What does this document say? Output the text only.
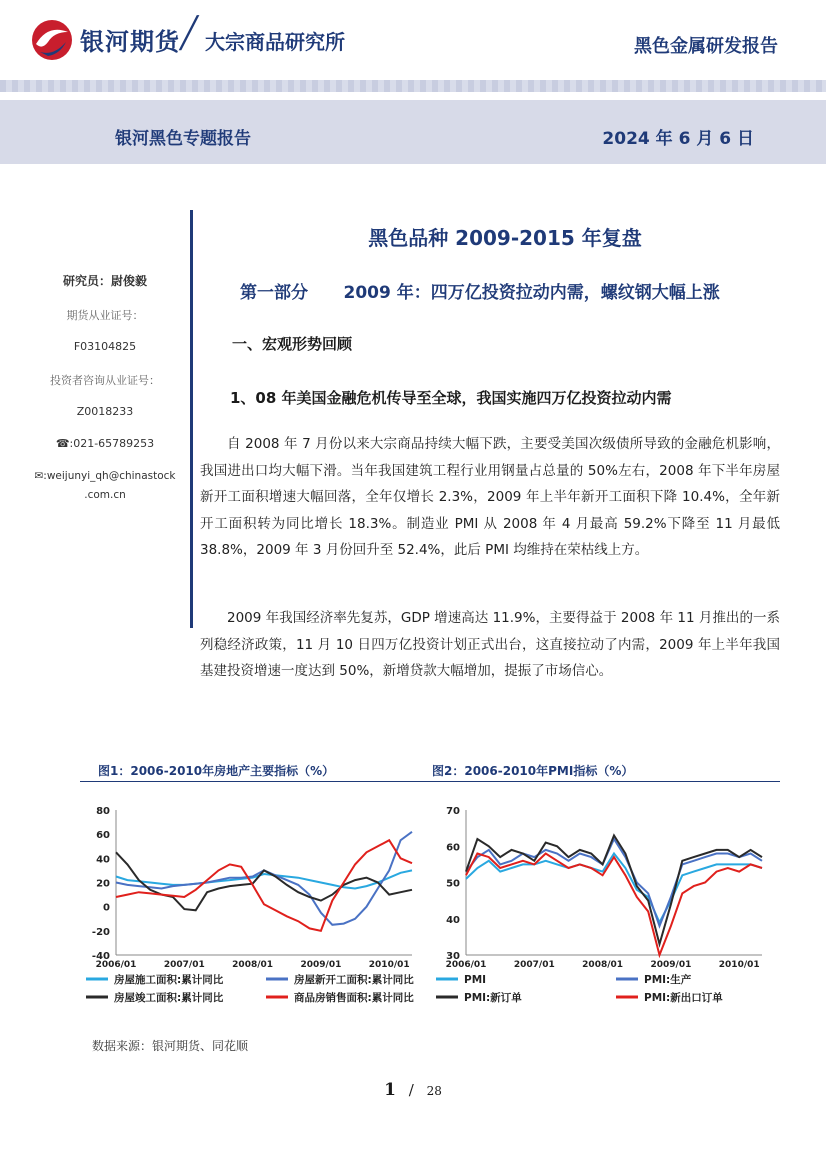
银河期货 ╱ 大宗商品研究所	黑色金属研发报告
银河黑色专题报告	2024 年 6 月 6 日
研究员：尉俊毅
期货从业证号：
F03104825
投资者咨询从业证号：
Z0018233
☎:021-65789253
✉:weijunyi_qh@chinastock
.com.cn
黑色品种 2009-2015 年复盘
第一部分      2009 年：四万亿投资拉动内需，螺纹钢大幅上涨
一、宏观形势回顾
1、08 年美国金融危机传导至全球，我国实施四万亿投资拉动内需
自 2008 年 7 月份以来大宗商品持续大幅下跌，主要受美国次级债所导致的金融危机影响，我国进出口均大幅下滑。当年我国建筑工程行业用钢量占总量的 50%左右，2008 年下半年房屋新开工面积增速大幅回落，全年仅增长 2.3%，2009 年上半年新开工面积下降 10.4%，全年新开工面积转为同比增长 18.3%。制造业 PMI 从 2008 年 4 月最高 59.2%下降至 11 月最低 38.8%，2009 年 3 月份回升至 52.4%，此后 PMI 均维持在荣枯线上方。
2009 年我国经济率先复苏，GDP 增速高达 11.9%，主要得益于 2008 年 11 月推出的一系列稳经济政策，11 月 10 日四万亿投资计划正式出台，这直接拉动了内需，2009 年上半年我国基建投资增速一度达到 50%，新增贷款大幅增加，提振了市场信心。
图1：2006-2010年房地产主要指标（%）	图2：2006-2010年PMI指标（%）
-40
-20
0
20
40
60
80
2006/01	2007/01	2008/01	2009/01	2010/01
房屋施工面积:累计同比	房屋新开工面积:累计同比
房屋竣工面积:累计同比	商品房销售面积:累计同比
30
40
50
60
70
2006/01	2007/01	2008/01	2009/01	2010/01
PMI	PMI:生产
PMI:新订单	PMI:新出口订单
数据来源：银河期货、同花顺
1 / 28
